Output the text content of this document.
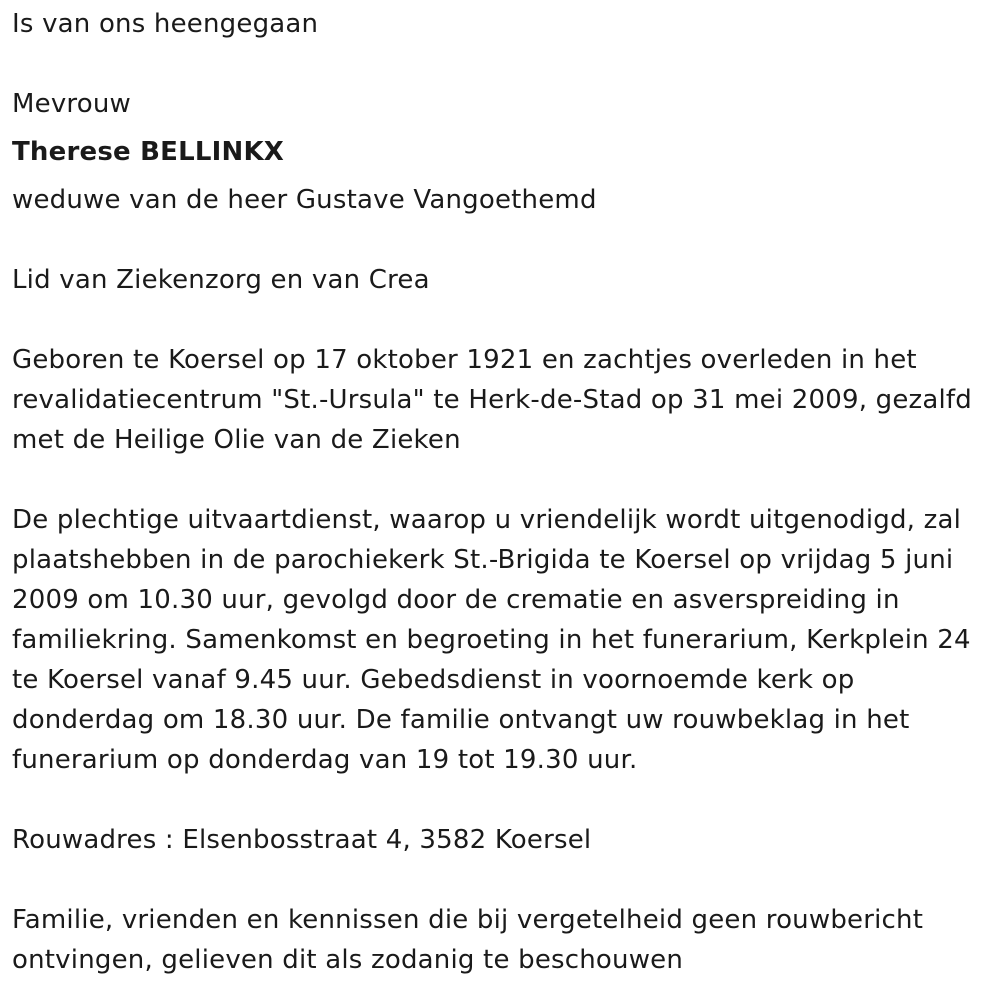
Is van ons heengegaan
Mevrouw
Therese BELLINKX
weduwe van de heer Gustave Vangoethemd
Lid van Ziekenzorg en van Crea
Geboren te Koersel op 17 oktober 1921 en zachtjes overleden in het
revalidatiecentrum "St.-Ursula" te Herk-de-Stad op 31 mei 2009, gezalfd
met de Heilige Olie van de Zieken
De plechtige uitvaartdienst, waarop u vriendelijk wordt uitgenodigd, zal
plaatshebben in de parochiekerk St.-Brigida te Koersel op vrijdag 5 juni
2009 om 10.30 uur, gevolgd door de crematie en asverspreiding in
familiekring. Samenkomst en begroeting in het funerarium, Kerkplein 24
te Koersel vanaf 9.45 uur. Gebedsdienst in voornoemde kerk op
donderdag om 18.30 uur. De familie ontvangt uw rouwbeklag in het
funerarium op donderdag van 19 tot 19.30 uur.
Rouwadres : Elsenbosstraat 4, 3582 Koersel
Familie, vrienden en kennissen die bij vergetelheid geen rouwbericht
ontvingen, gelieven dit als zodanig te beschouwen
